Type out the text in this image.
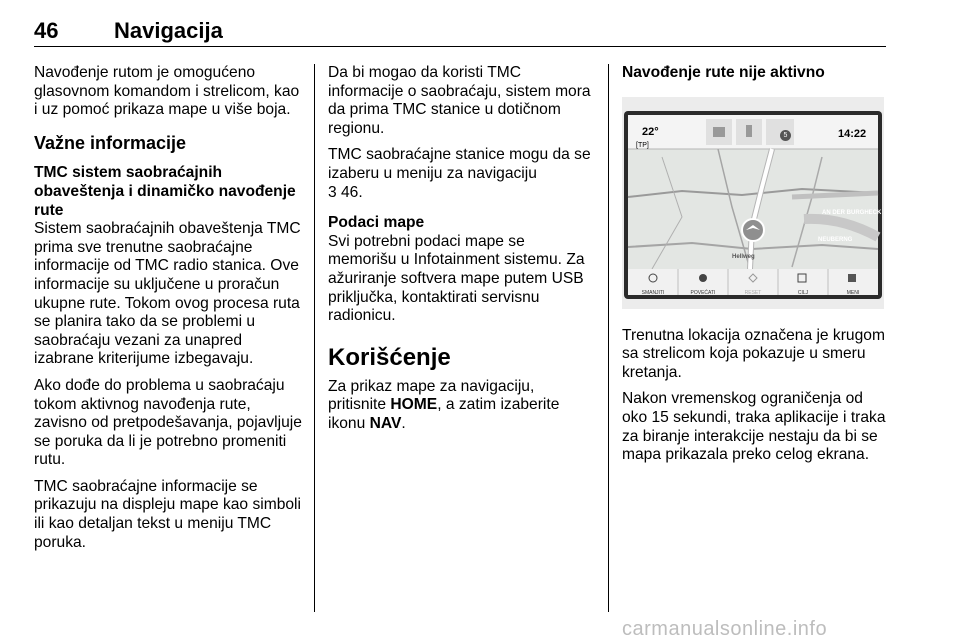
46	Navigacija

Navođenje rutom je omogućeno glasovnom komandom i strelicom, kao i uz pomoć prikaza mape u više boja.

Važne informacije
TMC sistem saobraćajnih obaveštenja i dinamičko navođenje rute

Sistem saobraćajnih obaveštenja TMC prima sve trenutne saobraćajne informacije od TMC radio stanica. Ove informacije su uključene u proračun ukupne rute. Tokom ovog procesa ruta se planira tako da se problemi u saobraćaju vezani za unapred izabrane kriterijume izbegavaju.

Ako dođe do problema u saobraćaju tokom aktivnog navođenja rute, zavisno od pretpodešavanja, pojavljuje se poruka da li je potrebno promeniti rutu.

TMC saobraćajne informacije se prikazuju na displeju mape kao simboli ili kao detaljan tekst u meniju TMC poruka.

Da bi mogao da koristi TMC informacije o saobraćaju, sistem mora da prima TMC stanice u dotičnom regionu.

TMC saobraćajne stanice mogu da se izaberu u meniju za navigaciju
3 46.

Podaci mape

Svi potrebni podaci mape se memorišu u Infotainment sistemu. Za ažuriranje softvera mape putem USB priključka, kontaktirati servisnu radionicu.

Korišćenje

Za prikaz mape za navigaciju, pritisnite HOME, a zatim izaberite ikonu NAV.

Navođenje rute nije aktivno
22°
[TP]
5	14:22
AN DER BURGHECK
NEUBERNG
Hellweg
SMANJITI	POVEĆATI	RESET	CILJ	MENI

Trenutna lokacija označena je krugom sa strelicom koja pokazuje u smeru kretanja.

Nakon vremenskog ograničenja od oko 15 sekundi, traka aplikacije i traka za biranje interakcije nestaju da bi se mapa prikazala preko celog ekrana.

carmanualsonline.info
